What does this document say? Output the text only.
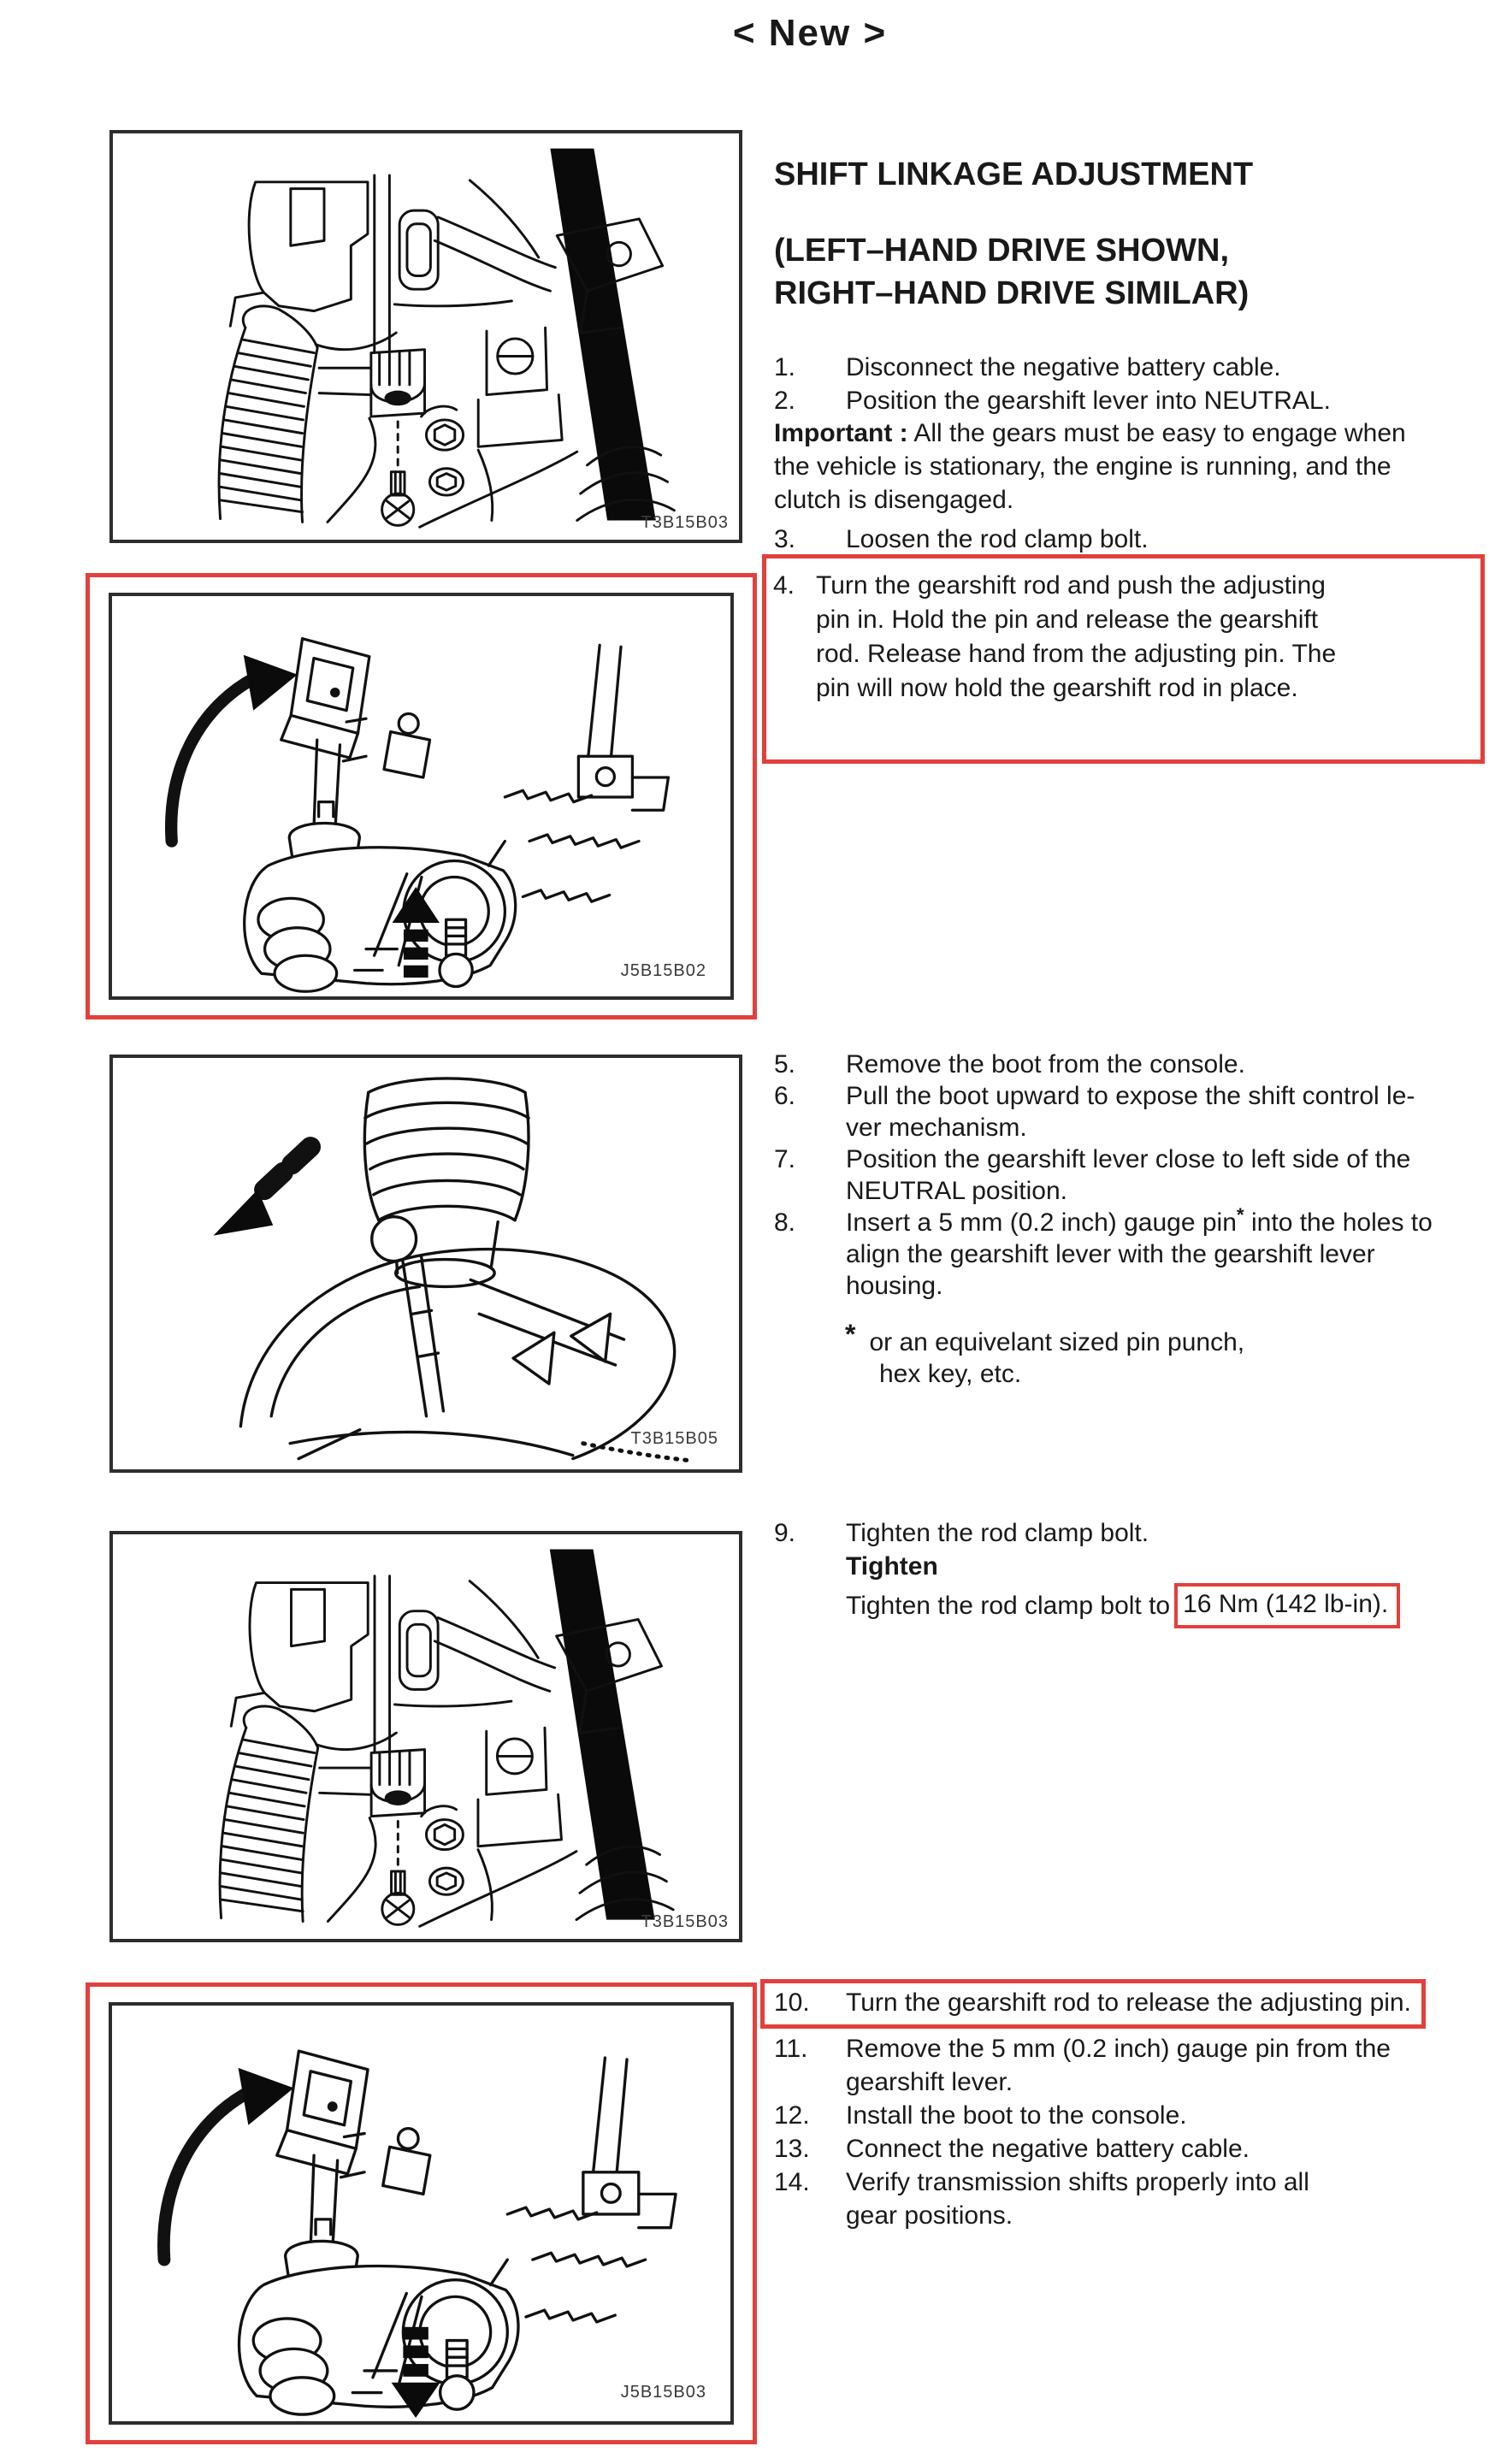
< New >
T3B15B03
J5B15B02
T3B15B05
T3B15B03
J5B15B03
SHIFT LINKAGE ADJUSTMENT
(LEFT–HAND DRIVE SHOWN,
RIGHT–HAND DRIVE SIMILAR)
1.	Disconnect the negative battery cable.
2.	Position the gearshift lever into NEUTRAL.
Important : All the gears must be easy to engage when
the vehicle is stationary, the engine is running, and the
clutch is disengaged.
3.	Loosen the rod clamp bolt.
4. Turn the gearshift rod and push the adjusting
pin in. Hold the pin and release the gearshift
rod. Release hand from the adjusting pin. The
pin will now hold the gearshift rod in place.
5.	Remove the boot from the console.
6.	Pull the boot upward to expose the shift control le-
ver mechanism.
7.	Position the gearshift lever close to left side of the
NEUTRAL position.
8.	Insert a 5 mm (0.2 inch) gauge pin* into the holes to
align the gearshift lever with the gearshift lever
housing.
* or an equivelant sized pin punch,
hex key, etc.
9.	Tighten the rod clamp bolt.
Tighten
Tighten the rod clamp bolt to 16 Nm (142 lb-in).
10.	Turn the gearshift rod to release the adjusting pin.
11.	Remove the 5 mm (0.2 inch) gauge pin from the
gearshift lever.
12.	Install the boot to the console.
13.	Connect the negative battery cable.
14.	Verify transmission shifts properly into all
gear positions.
